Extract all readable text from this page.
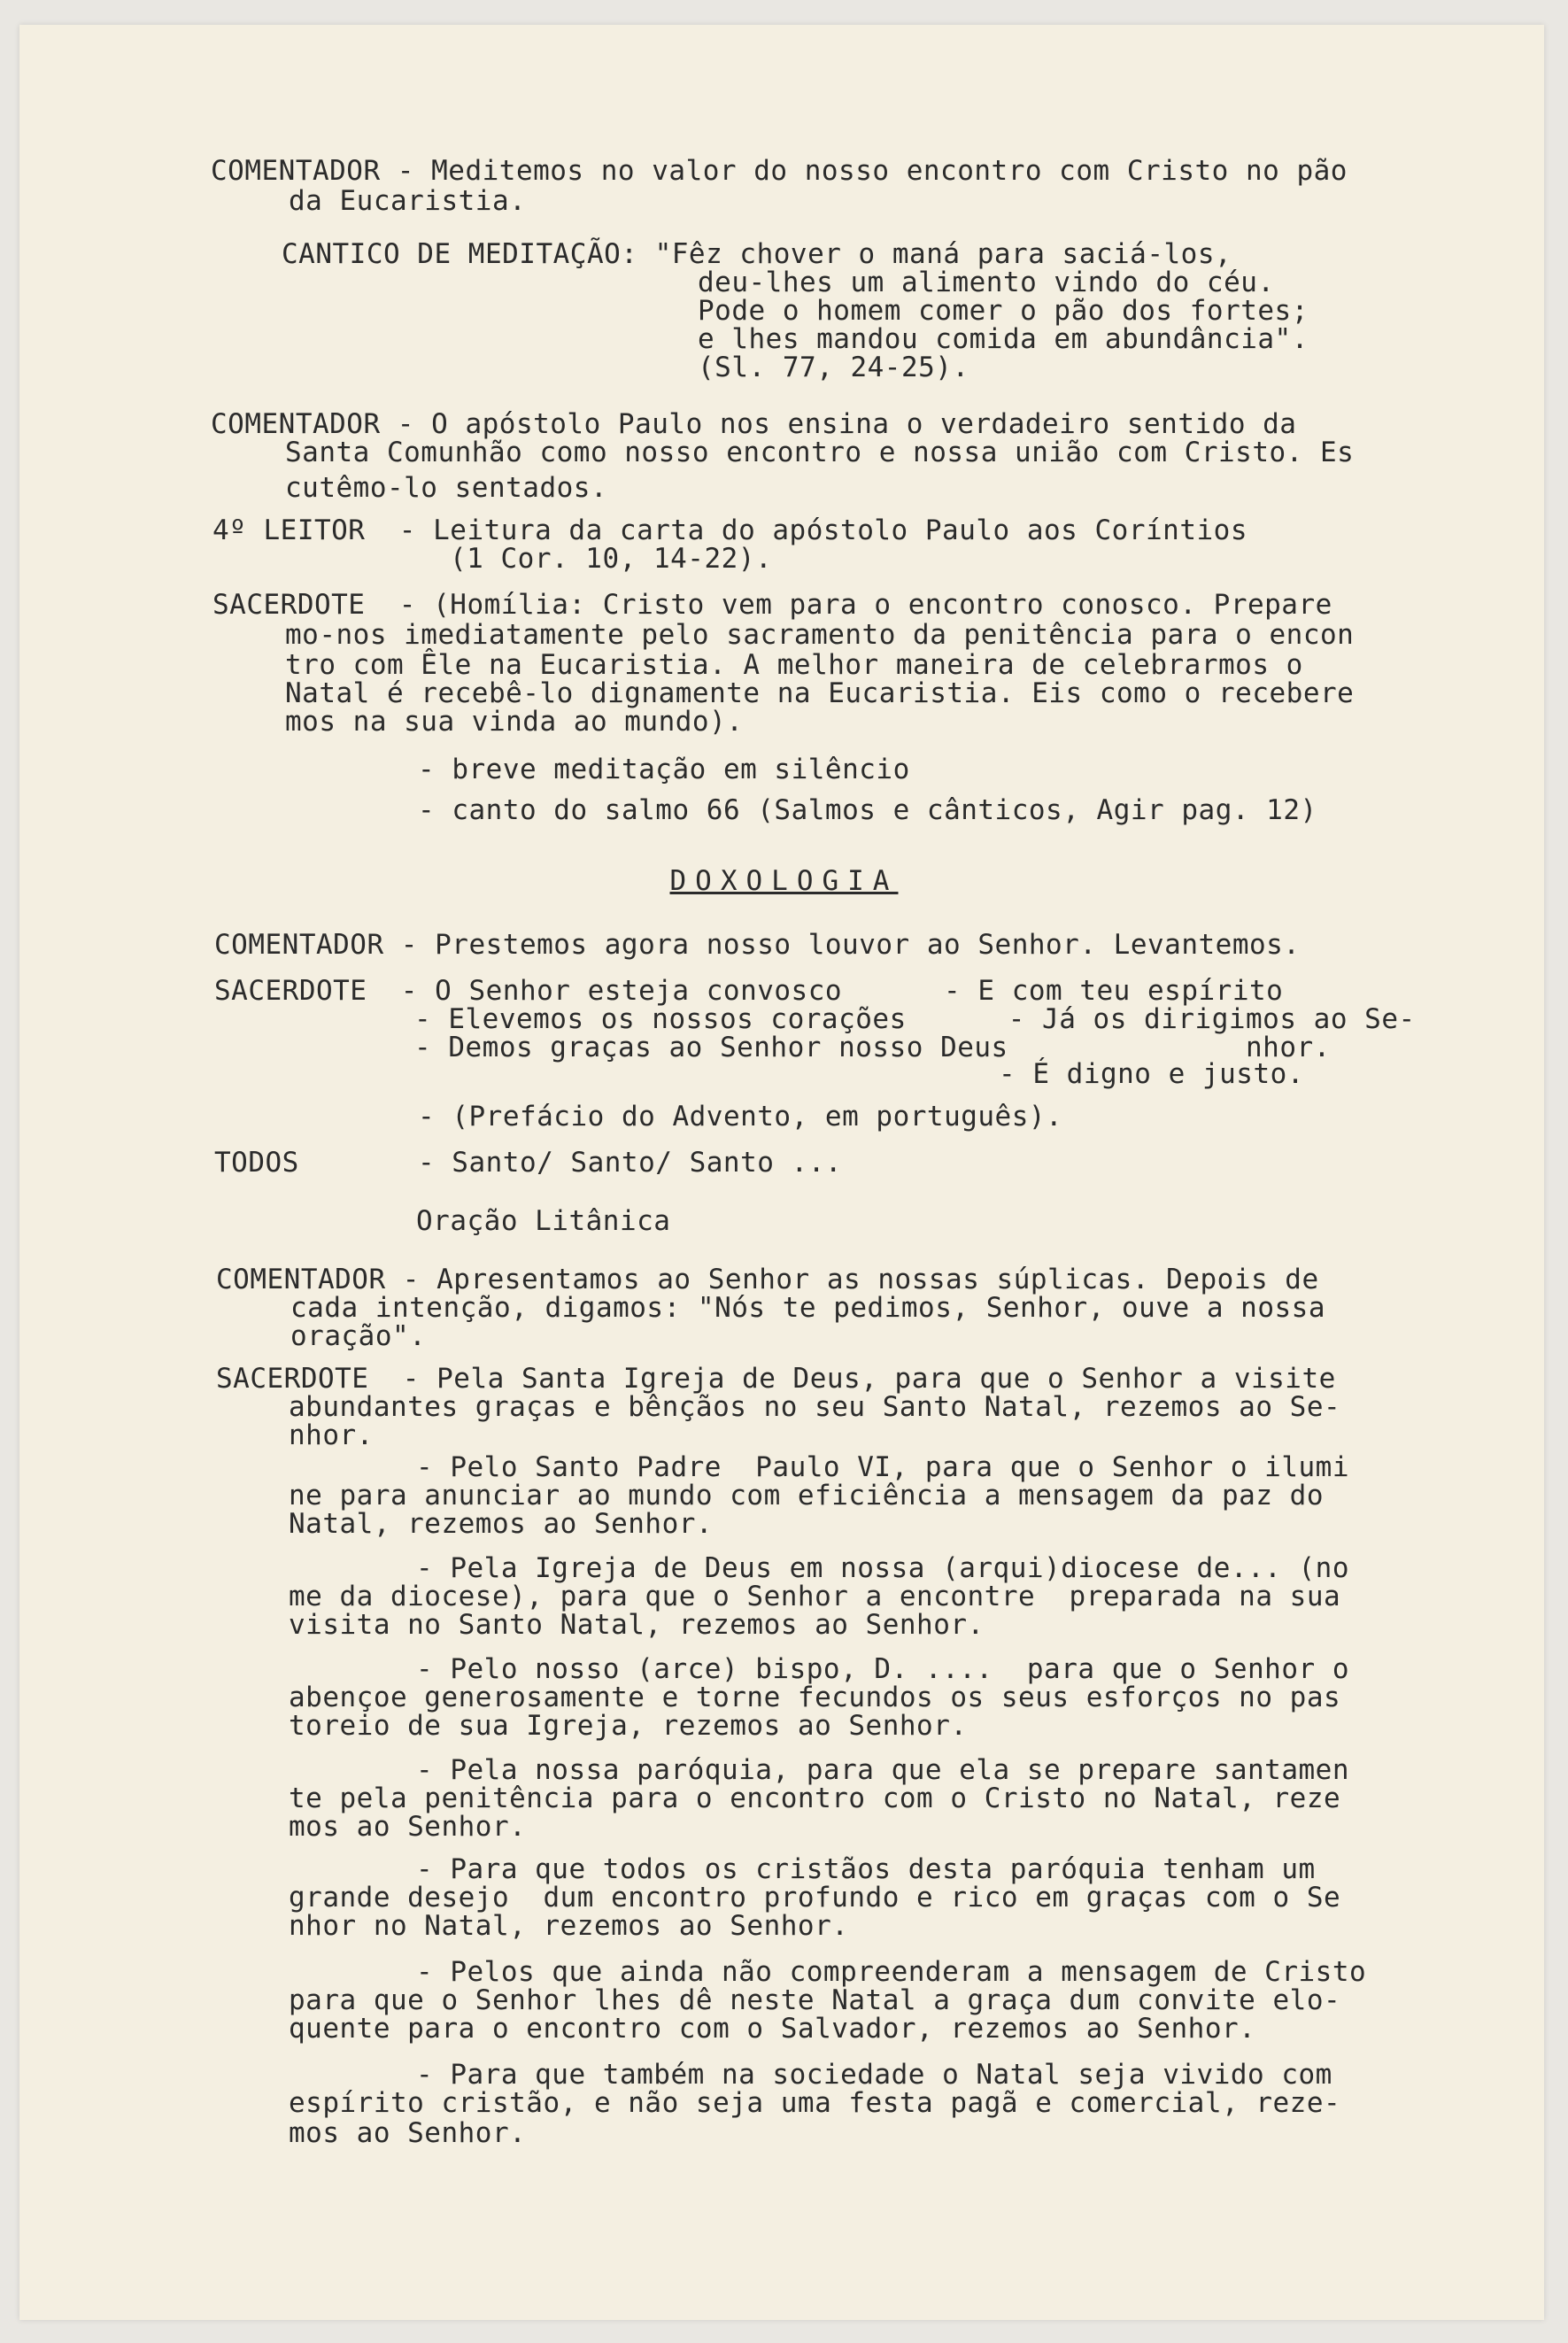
COMENTADOR - Meditemos no valor do nosso encontro com Cristo no pão
da Eucaristia.
CANTICO DE MEDITAÇÃO: "Fêz chover o maná para saciá-los,
deu-lhes um alimento vindo do céu.
Pode o homem comer o pão dos fortes;
e lhes mandou comida em abundância".
(Sl. 77, 24-25).
COMENTADOR - O apóstolo Paulo nos ensina o verdadeiro sentido da
Santa Comunhão como nosso encontro e nossa união com Cristo. Es
cutêmo-lo sentados.
4º LEITOR  - Leitura da carta do apóstolo Paulo aos Coríntios
(1 Cor. 10, 14-22).
SACERDOTE  - (Homília: Cristo vem para o encontro conosco. Prepare
mo-nos imediatamente pelo sacramento da penitência para o encon
tro com Êle na Eucaristia. A melhor maneira de celebrarmos o
Natal é recebê-lo dignamente na Eucaristia. Eis como o recebere
mos na sua vinda ao mundo).
- breve meditação em silêncio
- canto do salmo 66 (Salmos e cânticos, Agir pag. 12)
DOXOLOGIA
COMENTADOR - Prestemos agora nosso louvor ao Senhor. Levantemos.
SACERDOTE  - O Senhor esteja convosco      - E com teu espírito
- Elevemos os nossos corações      - Já os dirigimos ao Se-
- Demos graças ao Senhor nosso Deus              nhor.
- É digno e justo.
- (Prefácio do Advento, em português).
TODOS       - Santo/ Santo/ Santo ...
Oração Litânica
COMENTADOR - Apresentamos ao Senhor as nossas súplicas. Depois de
cada intenção, digamos: "Nós te pedimos, Senhor, ouve a nossa
oração".
SACERDOTE  - Pela Santa Igreja de Deus, para que o Senhor a visite
abundantes graças e bênçãos no seu Santo Natal, rezemos ao Se-
nhor.
- Pelo Santo Padre  Paulo VI, para que o Senhor o ilumi
ne para anunciar ao mundo com eficiência a mensagem da paz do
Natal, rezemos ao Senhor.
- Pela Igreja de Deus em nossa (arqui)diocese de... (no
me da diocese), para que o Senhor a encontre  preparada na sua
visita no Santo Natal, rezemos ao Senhor.
- Pelo nosso (arce) bispo, D. ....  para que o Senhor o
abençoe generosamente e torne fecundos os seus esforços no pas
toreio de sua Igreja, rezemos ao Senhor.
- Pela nossa paróquia, para que ela se prepare santamen
te pela penitência para o encontro com o Cristo no Natal, reze
mos ao Senhor.
- Para que todos os cristãos desta paróquia tenham um
grande desejo  dum encontro profundo e rico em graças com o Se
nhor no Natal, rezemos ao Senhor.
- Pelos que ainda não compreenderam a mensagem de Cristo
para que o Senhor lhes dê neste Natal a graça dum convite elo-
quente para o encontro com o Salvador, rezemos ao Senhor.
- Para que também na sociedade o Natal seja vivido com
espírito cristão, e não seja uma festa pagã e comercial, reze-
mos ao Senhor.
